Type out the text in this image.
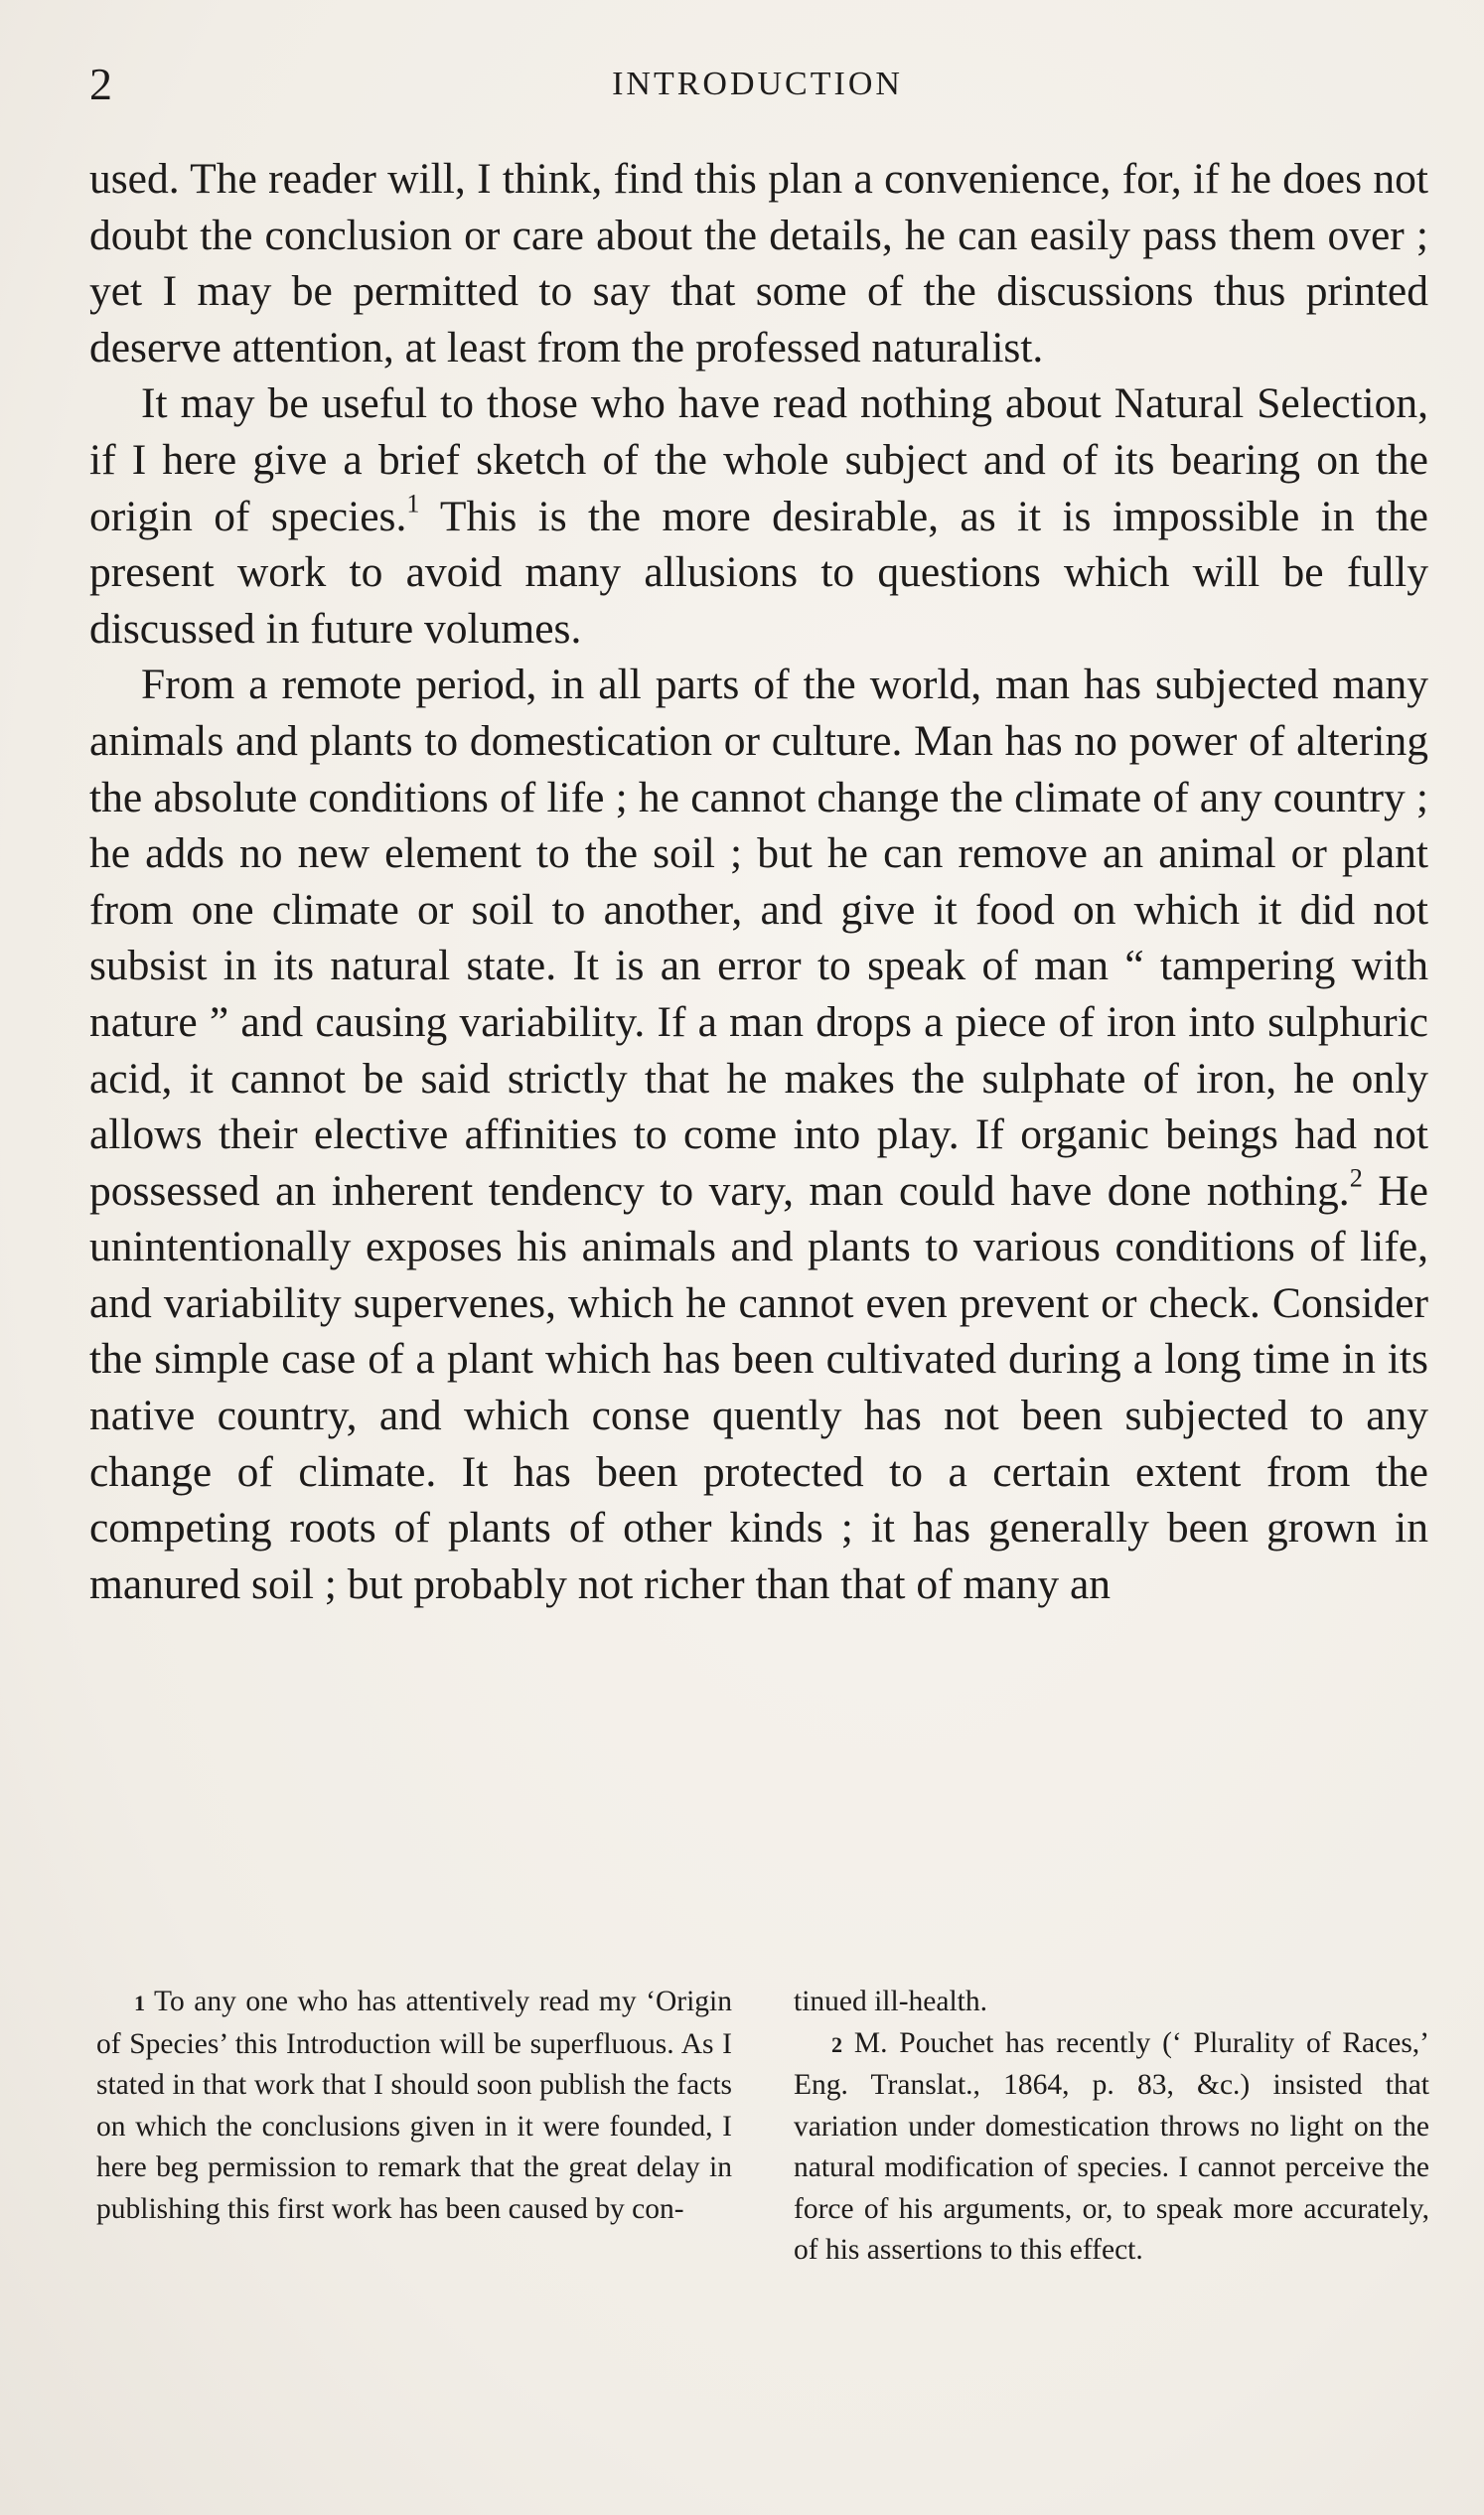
2	INTRODUCTION

used. The reader will, I think, find this plan a convenience, for, if he does not doubt the conclusion or care about the details, he can easily pass them over ; yet I may be permitted to say that some of the discussions thus printed deserve attention, at least from the professed naturalist.

It may be useful to those who have read nothing about Natural Selection, if I here give a brief sketch of the whole subject and of its bearing on the origin of species.$^1$ This is the more desirable, as it is impossible in the present work to avoid many allusions to questions which will be fully discussed in future volumes.

From a remote period, in all parts of the world, man has subjected many animals and plants to domestication or culture. Man has no power of altering the absolute conditions of life ; he cannot change the climate of any country ; he adds no new element to the soil ; but he can remove an animal or plant from one climate or soil to another, and give it food on which it did not subsist in its natural state. It is an error to speak of man “ tampering with nature ” and causing variability. If a man drops a piece of iron into sulphuric acid, it cannot be said strictly that he makes the sulphate of iron, he only allows their elective affinities to come into play. If organic beings had not possessed an inherent tendency to vary, man could have done nothing.$^2$ He unintentionally exposes his animals and plants to various conditions of life, and variability supervenes, which he cannot even prevent or check. Consider the simple case of a plant which has been cultivated during a long time in its native country, and which conse quently has not been subjected to any change of climate. It has been protected to a certain extent from the competing roots of plants of other kinds ; it has generally been grown in manured soil ; but probably not richer than that of many an

1 To any one who has attentively read my ‘Origin of Species’ this Introduction will be superfluous. As I stated in that work that I should soon publish the facts on which the conclusions given in it were founded, I here beg permission to remark that the great delay in publishing this first work has been caused by con-

tinued ill-health.

2 M. Pouchet has recently (‘ Plurality of Races,’ Eng. Translat., 1864, p. 83, &c.) insisted that variation under domestication throws no light on the natural modification of species. I cannot perceive the force of his arguments, or, to speak more accurately, of his assertions to this effect.
